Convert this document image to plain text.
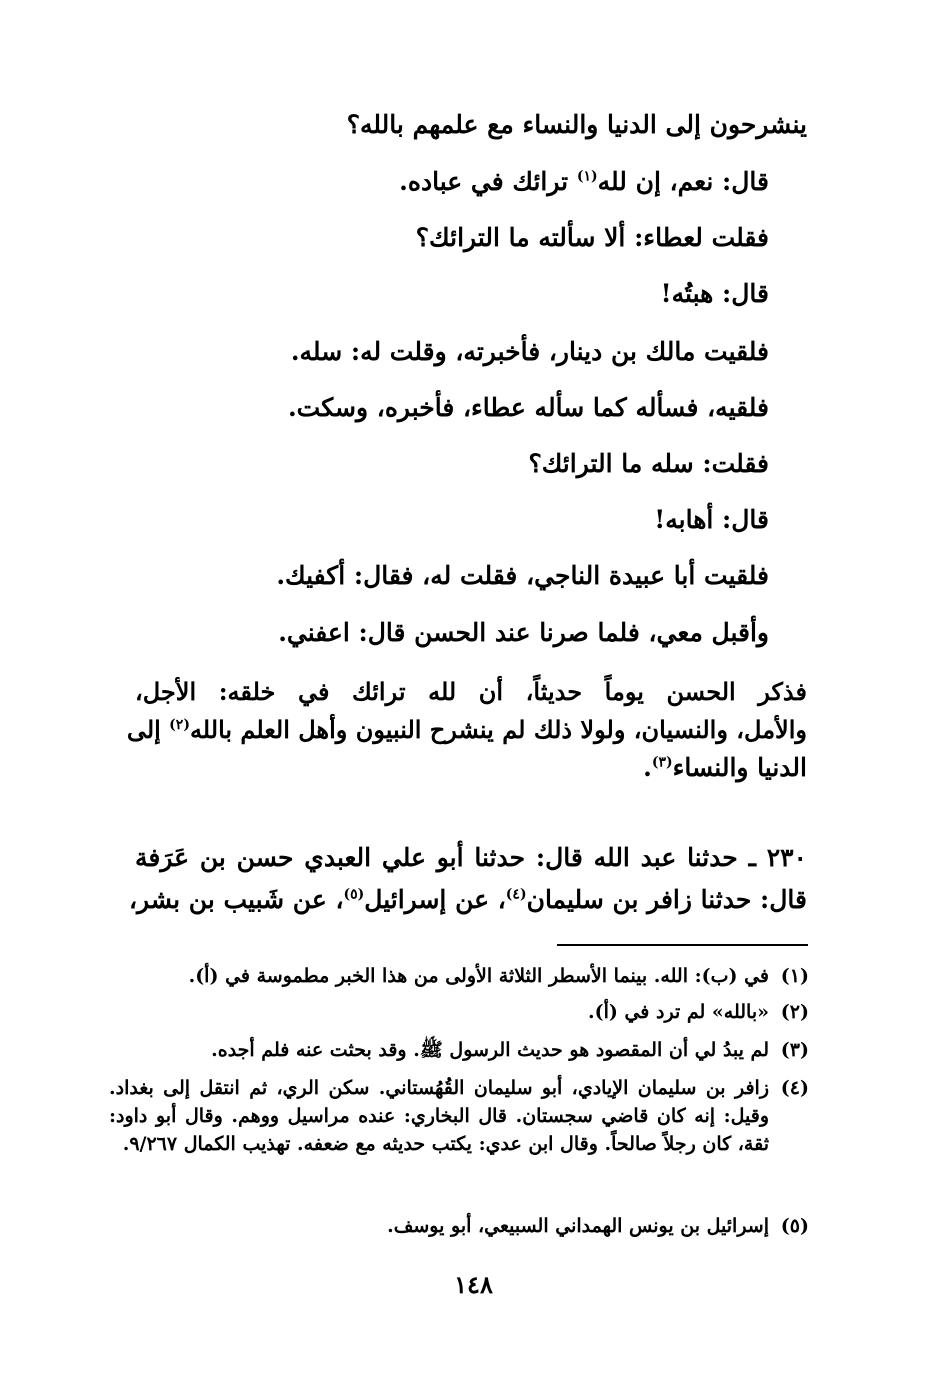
ينشرحون إلى الدنيا والنساء مع علمهم بالله؟
قال: نعم، إن لله$^{(١)}$ ترائك في عباده.
فقلت لعطاء: ألا سألته ما الترائك؟
قال: هبتُه!
فلقيت مالك بن دينار، فأخبرته، وقلت له: سله.
فلقيه، فسأله كما سأله عطاء، فأخبره، وسكت.
فقلت: سله ما الترائك؟
قال: أهابه!
فلقيت أبا عبيدة الناجي، فقلت له، فقال: أكفيك.
وأقبل معي، فلما صرنا عند الحسن قال: اعفني.
فذكر الحسن يوماً حديثاً، أن لله ترائك في خلقه: الأجل،
والأمل، والنسيان، ولولا ذلك لم ينشرح النبيون وأهل العلم بالله$^{(٢)}$ إلى
الدنيا والنساء$^{(٣)}$.
٢٣٠ ـ حدثنا عبد الله قال: حدثنا أبو علي العبدي حسن بن عَرَفة
قال: حدثنا زافر بن سليمان$^{(٤)}$، عن إسرائيل$^{(٥)}$، عن شَبيب بن بشر،
(١)في (ب): الله. بينما الأسطر الثلاثة الأولى من هذا الخبر مطموسة في (أ).
(٢)«بالله» لم ترد في (أ).
(٣)لم يبدُ لي أن المقصود هو حديث الرسول ﷺ. وقد بحثت عنه فلم أجده.
(٤)
زافر بن سليمان الإيادي، أبو سليمان القُهُستاني. سكن الري، ثم انتقل إلى بغداد. وقيل: إنه كان قاضي سجستان. قال البخاري: عنده مراسيل ووهم. وقال أبو داود: ثقة، كان رجلاً صالحاً. وقال ابن عدي: يكتب حديثه مع ضعفه. تهذيب الكمال ٩/٢٦٧.
(٥)إسرائيل بن يونس الهمداني السبيعي، أبو يوسف.
١٤٨
